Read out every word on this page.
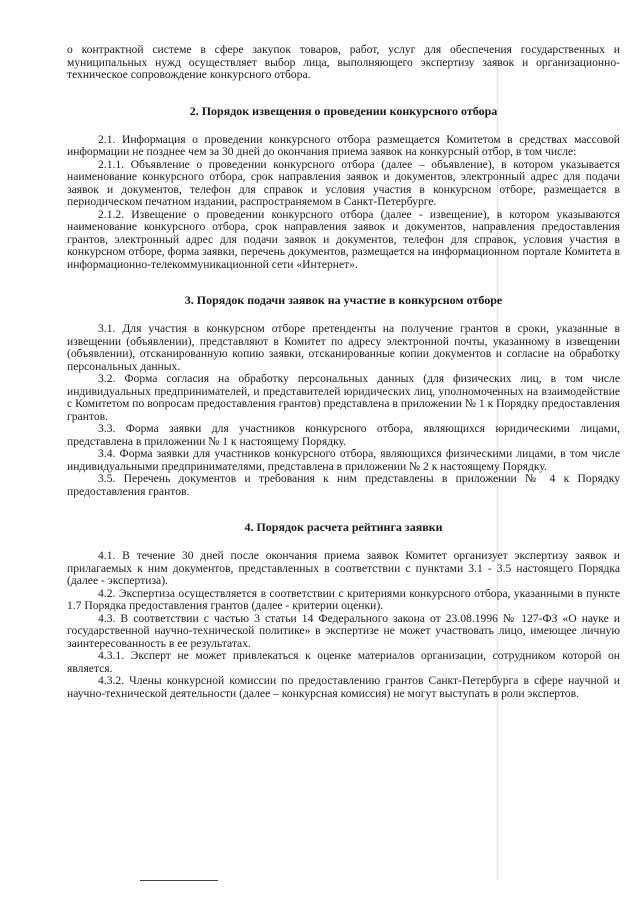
о контрактной системе в сфере закупок товаров, работ, услуг для обеспечения государственных и муниципальных нужд осуществляет выбор лица, выполняющего экспертизу заявок и организационно-техническое сопровождение конкурсного отбора.

2. Порядок извещения о проведении конкурсного отбора

2.1. Информация о проведении конкурсного отбора размещается Комитетом в средствах массовой информации не позднее чем за 30 дней до окончания приема заявок на конкурсный отбор, в том числе:

2.1.1. Объявление о проведении конкурсного отбора (далее – объявление), в котором указывается наименование конкурсного отбора, срок направления заявок и документов, электронный адрес для подачи заявок и документов, телефон для справок и условия участия в конкурсном отборе, размещается в периодическом печатном издании, распространяемом в Санкт-Петербурге.

2.1.2. Извещение о проведении конкурсного отбора (далее - извещение), в котором указываются наименование конкурсного отбора, срок направления заявок и документов, направления предоставления грантов, электронный адрес для подачи заявок и документов, телефон для справок, условия участия в конкурсном отборе, форма заявки, перечень документов, размещается на информационном портале Комитета в информационно-телекоммуникационной сети «Интернет».

3. Порядок подачи заявок на участие в конкурсном отборе

3.1. Для участия в конкурсном отборе претенденты на получение грантов в сроки, указанные в извещении (объявлении), представляют в Комитет по адресу электронной почты, указанному в извещении (объявлении), отсканированную копию заявки, отсканированные копии документов и согласие на обработку персональных данных.

3.2. Форма согласия на обработку персональных данных (для физических лиц, в том числе индивидуальных предпринимателей, и представителей юридических лиц, уполномоченных на взаимодействие с Комитетом по вопросам предоставления грантов) представлена в приложении № 1 к Порядку предоставления грантов.

3.3. Форма заявки для участников конкурсного отбора, являющихся юридическими лицами, представлена в приложении № 1 к настоящему Порядку.

3.4. Форма заявки для участников конкурсного отбора, являющихся физическими лицами, в том числе индивидуальными предпринимателями, представлена в приложении № 2 к настоящему Порядку.

3.5. Перечень документов и требования к ним представлены в приложении № 4 к Порядку предоставления грантов.

4. Порядок расчета рейтинга заявки

4.1. В течение 30 дней после окончания приема заявок Комитет организует экспертизу заявок и прилагаемых к ним документов, представленных в соответствии с пунктами 3.1 - 3.5 настоящего Порядка (далее - экспертиза).

4.2. Экспертиза осуществляется в соответствии с критериями конкурсного отбора, указанными в пункте 1.7 Порядка предоставления грантов (далее - критерии оценки).

4.3. В соответствии с частью 3 статьи 14 Федерального закона от 23.08.1996 № 127-ФЗ «О науке и государственной научно-технической политике» в экспертизе не может участвовать лицо, имеющее личную заинтересованность в ее результатах.

4.3.1. Эксперт не может привлекаться к оценке материалов организации, сотрудником которой он является.

4.3.2. Члены конкурсной комиссии по предоставлению грантов Санкт-Петербурга в сфере научной и научно-технической деятельности (далее – конкурсная комиссия) не могут выступать в роли экспертов.
